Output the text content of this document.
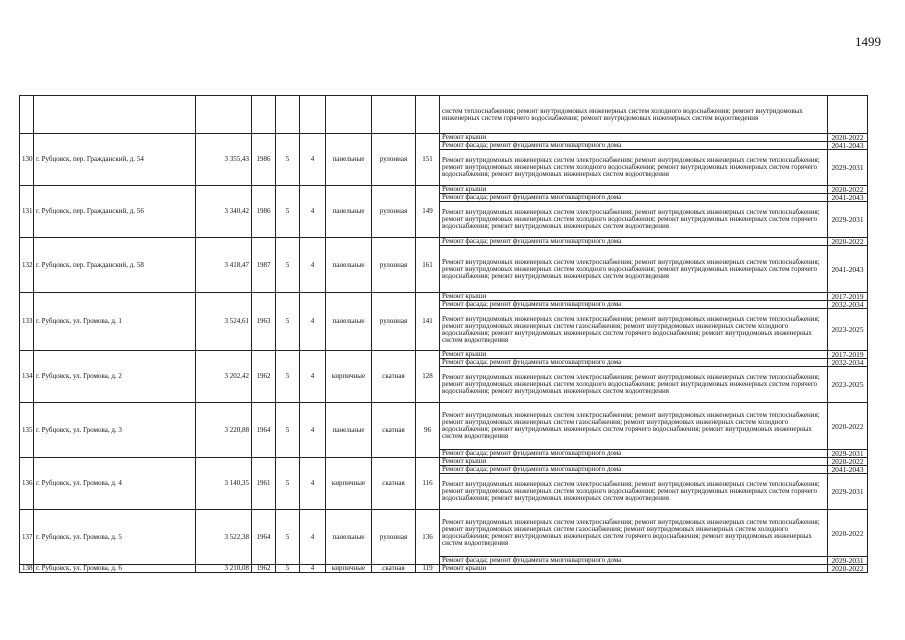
1499
									систем теплоснабжения; ремонт внутридомовых инженерных систем холодного водоснабжения; ремонт внутридомовых инженерных систем горячего водоснабжения; ремонт внутридомовых инженерных систем водоотведения	
130	г. Рубцовск, пер. Гражданский, д. 54	3 355,43	1986	5	4	панельные	рулонная	151	Ремонт крыши	2020-2022
									Ремонт фасада; ремонт фундамента многоквартирного дома	2041-2043
									Ремонт внутридомовых инженерных систем электроснабжения; ремонт внутридомовых инженерных систем теплоснабжения; ремонт внутридомовых инженерных систем холодного водоснабжения; ремонт внутридомовых инженерных систем горячего водоснабжения; ремонт внутридомовых инженерных систем водоотведения	2029-2031
131	г. Рубцовск, пер. Гражданский, д. 56	3 340,42	1986	5	4	панельные	рулонная	149	Ремонт крыши	2020-2022
									Ремонт фасада; ремонт фундамента многоквартирного дома	2041-2043
									Ремонт внутридомовых инженерных систем электроснабжения; ремонт внутридомовых инженерных систем теплоснабжения; ремонт внутридомовых инженерных систем холодного водоснабжения; ремонт внутридомовых инженерных систем горячего водоснабжения; ремонт внутридомовых инженерных систем водоотведения	2029-2031
132	г. Рубцовск, пер. Гражданский, д. 58	3 418,47	1987	5	4	панельные	рулонная	161	Ремонт фасада; ремонт фундамента многоквартирного дома	2020-2022
									Ремонт внутридомовых инженерных систем электроснабжения; ремонт внутридомовых инженерных систем теплоснабжения; ремонт внутридомовых инженерных систем холодного водоснабжения; ремонт внутридомовых инженерных систем горячего водоснабжения; ремонт внутридомовых инженерных систем водоотведения	2041-2043
133	г. Рубцовск, ул. Громова, д. 1	3 524,61	1963	5	4	панельные	рулонная	141	Ремонт крыши	2017-2019
									Ремонт фасада; ремонт фундамента многоквартирного дома	2032-2034
									Ремонт внутридомовых инженерных систем электроснабжения; ремонт внутридомовых инженерных систем теплоснабжения; ремонт внутридомовых инженерных систем газоснабжения; ремонт внутридомовых инженерных систем холодного водоснабжения; ремонт внутридомовых инженерных систем горячего водоснабжения; ремонт внутридомовых инженерных систем водоотведения	2023-2025
134	г. Рубцовск, ул. Громова, д. 2	3 202,42	1962	5	4	кирпичные	скатная	128	Ремонт крыши	2017-2019
									Ремонт фасада; ремонт фундамента многоквартирного дома	2032-2034
									Ремонт внутридомовых инженерных систем электроснабжения; ремонт внутридомовых инженерных систем теплоснабжения; ремонт внутридомовых инженерных систем холодного водоснабжения; ремонт внутридомовых инженерных систем горячего водоснабжения; ремонт внутридомовых инженерных систем водоотведения	2023-2025
135	г. Рубцовск, ул. Громова, д. 3	3 220,88	1964	5	4	панельные	скатная	96	Ремонт внутридомовых инженерных систем электроснабжения; ремонт внутридомовых инженерных систем теплоснабжения; ремонт внутридомовых инженерных систем газоснабжения; ремонт внутридомовых инженерных систем холодного водоснабжения; ремонт внутридомовых инженерных систем горячего водоснабжения; ремонт внутридомовых инженерных систем водоотведения	2020-2022
									Ремонт фасада; ремонт фундамента многоквартирного дома	2029-2031
136	г. Рубцовск, ул. Громова, д. 4	3 140,35	1961	5	4	кирпичные	скатная	116	Ремонт крыши	2020-2022
									Ремонт фасада; ремонт фундамента многоквартирного дома	2041-2043
									Ремонт внутридомовых инженерных систем электроснабжения; ремонт внутридомовых инженерных систем теплоснабжения; ремонт внутридомовых инженерных систем холодного водоснабжения; ремонт внутридомовых инженерных систем горячего водоснабжения; ремонт внутридомовых инженерных систем водоотведения	2029-2031
137	г. Рубцовск, ул. Громова, д. 5	3 522,38	1964	5	4	панельные	рулонная	136	Ремонт внутридомовых инженерных систем электроснабжения; ремонт внутридомовых инженерных систем теплоснабжения; ремонт внутридомовых инженерных систем газоснабжения; ремонт внутридомовых инженерных систем холодного водоснабжения; ремонт внутридомовых инженерных систем горячего водоснабжения; ремонт внутридомовых инженерных систем водоотведения	2020-2022
									Ремонт фасада; ремонт фундамента многоквартирного дома	2029-2031
138	г. Рубцовск, ул. Громова, д. 6	3 210,08	1962	5	4	кирпичные	скатная	119	Ремонт крыши	2020-2022
